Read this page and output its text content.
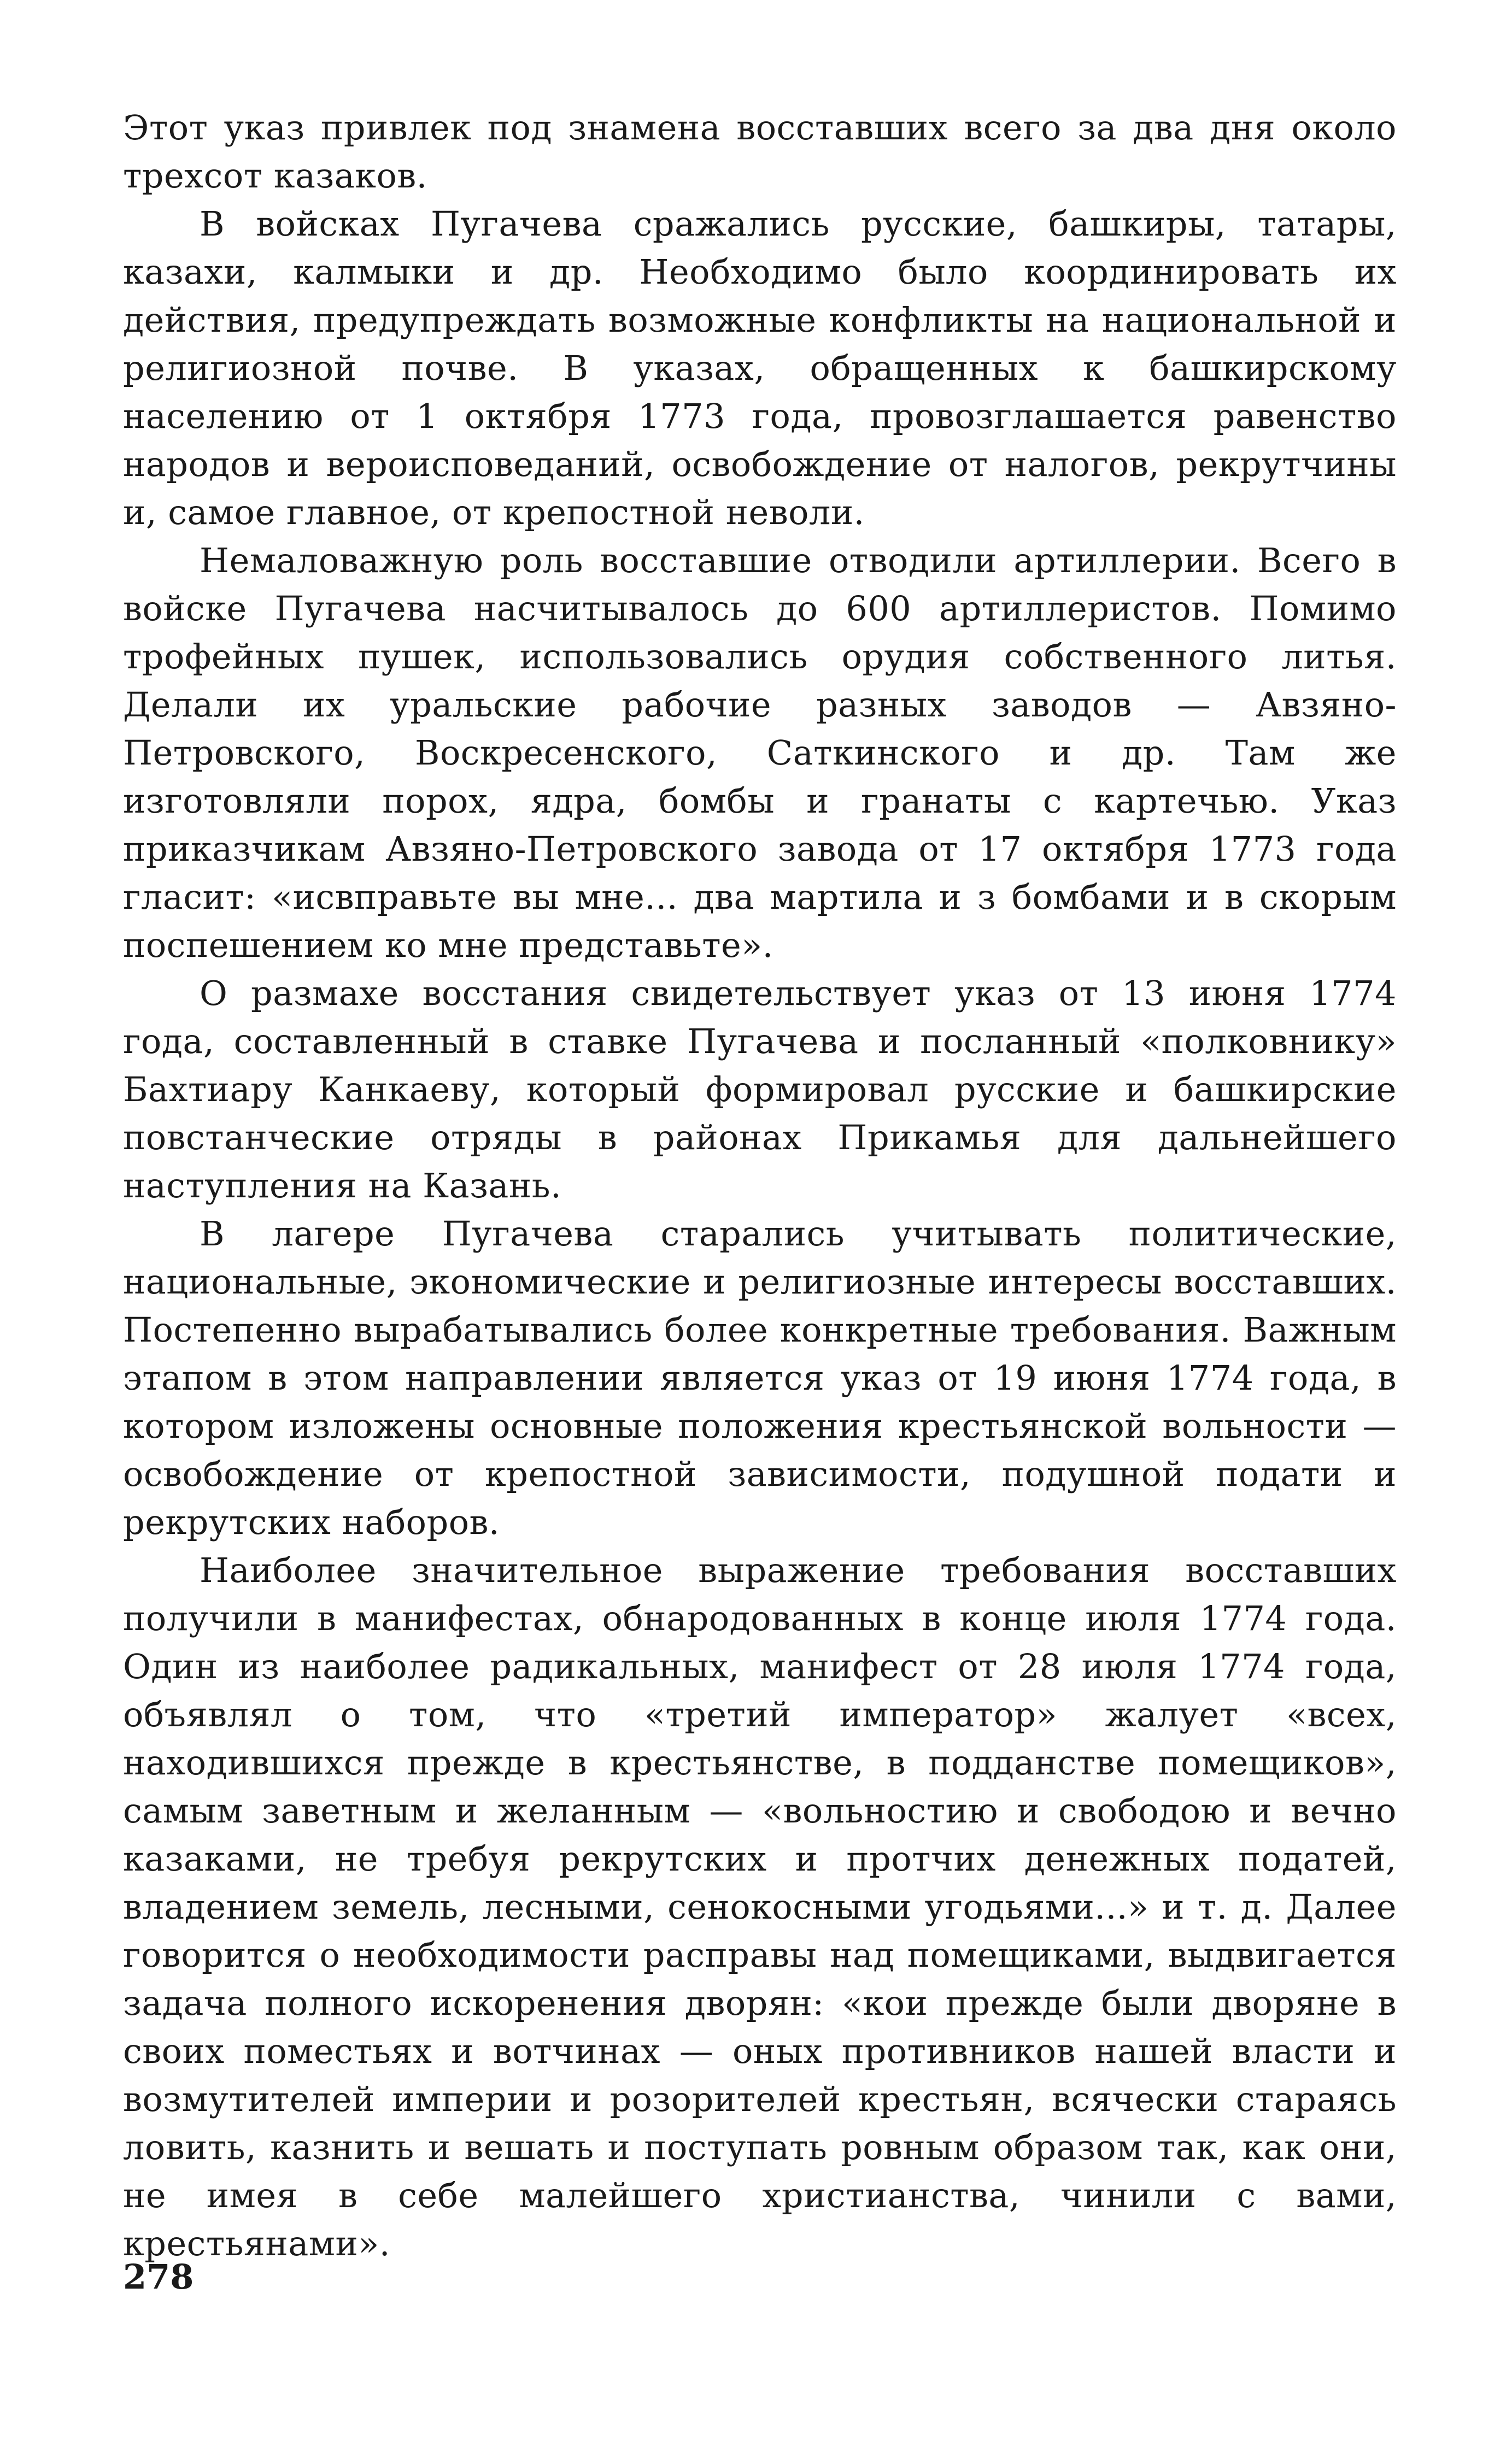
Этот указ привлек под знамена восставших всего за два дня около трехсот казаков.

В войсках Пугачева сражались русские, башкиры, татары, казахи, калмыки и др. Необходимо было координировать их действия, предупреждать возможные конфликты на национальной и религиозной почве. В указах, обращенных к башкирскому населению от 1 октября 1773 года, провозглашается равенство народов и вероисповеданий, освобождение от налогов, рекрутчины и, самое главное, от крепостной неволи.

Немаловажную роль восставшие отводили артиллерии. Всего в войске Пугачева насчитывалось до 600 артиллеристов. Помимо трофейных пушек, использовались орудия собственного литья. Делали их уральские рабочие разных заводов — Авзяно-Петровского, Воскресенского, Саткинского и др. Там же изготовляли порох, ядра, бомбы и гранаты с картечью. Указ приказчикам Авзяно-Петровского завода от 17 октября 1773 года гласит: «исвправьте вы мне... два мартила и з бомбами и в скорым поспешением ко мне представьте».

О размахе восстания свидетельствует указ от 13 июня 1774 года, составленный в ставке Пугачева и посланный «полковнику» Бахтиару Канкаеву, который формировал русские и башкирские повстанческие отряды в районах Прикамья для дальнейшего наступления на Казань.

В лагере Пугачева старались учитывать политические, национальные, экономические и религиозные интересы восставших. Постепенно вырабатывались более конкретные требования. Важным этапом в этом направлении является указ от 19 июня 1774 года, в котором изложены основные положения крестьянской вольности — освобождение от крепостной зависимости, подушной подати и рекрутских наборов.

Наиболее значительное выражение требования восставших получили в манифестах, обнародованных в конце июля 1774 года. Один из наиболее радикальных, манифест от 28 июля 1774 года, объявлял о том, что «третий император» жалует «всех, находившихся прежде в крестьянстве, в подданстве помещиков», самым заветным и желанным — «вольностию и свободою и вечно казаками, не требуя рекрутских и протчих денежных податей, владением земель, лесными, сенокосными угодьями...» и т. д. Далее говорится о необходимости расправы над помещиками, выдвигается задача полного искоренения дворян: «кои прежде были дворяне в своих поместьях и вотчинах — оных противников нашей власти и возмутителей империи и розорителей крестьян, всячески стараясь ловить, казнить и вешать и поступать ровным образом так, как они, не имея в себе малейшего христианства, чинили с вами, крестьянами».

278
